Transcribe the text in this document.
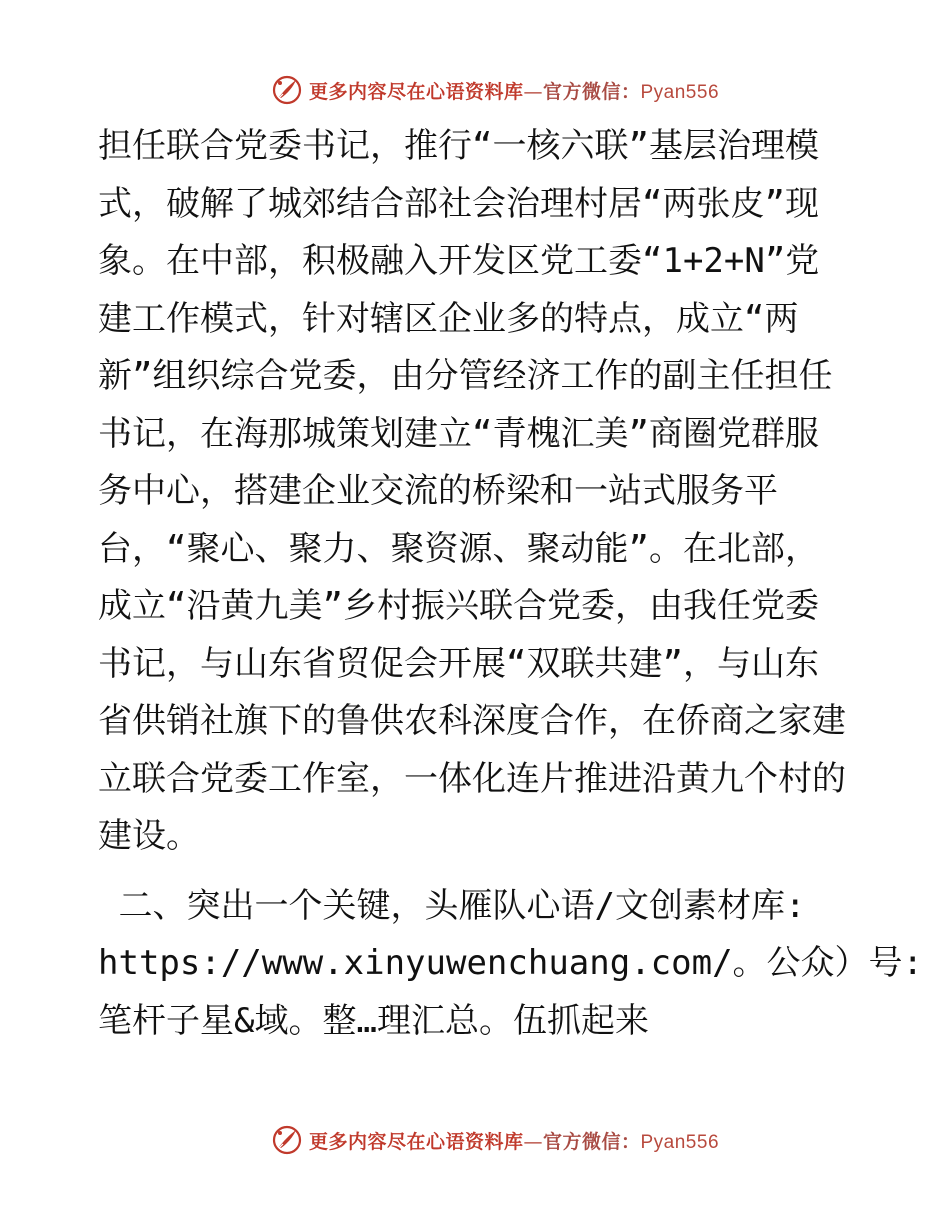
更多内容尽在心语资料库—官方微信：Pyan556
担任联合党委书记，推行“一核六联”基层治理模
式，破解了城郊结合部社会治理村居“两张皮”现
象。在中部，积极融入开发区党工委“1+2+N”党
建工作模式，针对辖区企业多的特点，成立“两
新”组织综合党委，由分管经济工作的副主任担任
书记，在海那城策划建立“青槐汇美”商圈党群服
务中心，搭建企业交流的桥梁和一站式服务平
台，“聚心、聚力、聚资源、聚动能”。在北部，
成立“沿黄九美”乡村振兴联合党委，由我任党委
书记，与山东省贸促会开展“双联共建”，与山东
省供销社旗下的鲁供农科深度合作，在侨商之家建
立联合党委工作室，一体化连片推进沿黄九个村的
建设。
二、突出一个关键，头雁队心语/文创素材库:
https://www.xinyuwenchuang.com/。公众）号:
笔杆子星&域。整…理汇总。伍抓起来
更多内容尽在心语资料库—官方微信：Pyan556
